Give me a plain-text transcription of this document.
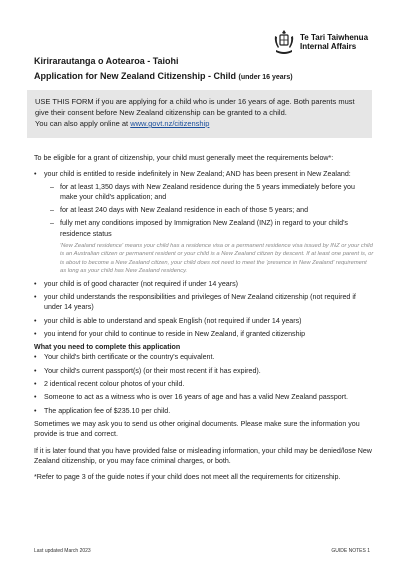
Te Tari Taiwhenua
Internal Affairs
Kirirarautanga o Aotearoa - Taiohi
Application for New Zealand Citizenship - Child (under 16 years)

USE THIS FORM if you are applying for a child who is under 16 years of age. Both parents must give their consent before New Zealand citizenship can be granted to a child.

You can also apply online at www.govt.nz/citizenship

To be eligible for a grant of citizenship, your child must generally meet the requirements below*:

• your child is entitled to reside indefinitely in New Zealand; AND has been present in New Zealand:
– for at least 1,350 days with New Zealand residence during the 5 years immediately before you make your child's application; and
– for at least 240 days with New Zealand residence in each of those 5 years; and
– fully met any conditions imposed by Immigration New Zealand (INZ) in regard to your child's residence status
'New Zealand residence' means your child has a residence visa or a permanent residence visa issued by INZ or your child is an Australian citizen or permanent resident or your child is a New Zealand citizen by descent. If at least one parent is, or is about to become a New Zealand citizen, your child does not need to meet the 'presence in New Zealand' requirement as long as your child has New Zealand residency.
• your child is of good character (not required if under 14 years)
• your child understands the responsibilities and privileges of New Zealand citizenship (not required if under 14 years)
• your child is able to understand and speak English (not required if under 14 years)
• you intend for your child to continue to reside in New Zealand, if granted citizenship

What you need to complete this application

• Your child's birth certificate or the country's equivalent.
• Your child's current passport(s) (or their most recent if it has expired).
• 2 identical recent colour photos of your child.
• Someone to act as a witness who is over 16 years of age and has a valid New Zealand passport.
• The application fee of $235.10 per child.

Sometimes we may ask you to send us other original documents. Please make sure the information you provide is true and correct.

If it is later found that you have provided false or misleading information, your child may be denied/lose New Zealand citizenship, or you may face criminal charges, or both.

*Refer to page 3 of the guide notes if your child does not meet all the requirements for citizenship.

Last updated March 2023	GUIDE NOTES 1
